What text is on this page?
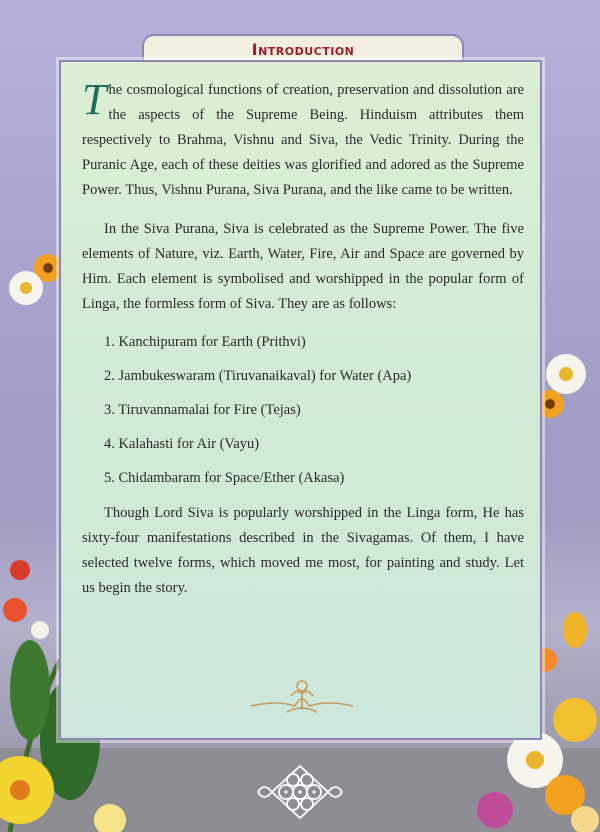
Introduction

The cosmological functions of creation, preservation and dissolution are the aspects of the Supreme Being. Hinduism attributes them respectively to Brahma, Vishnu and Siva, the Vedic Trinity. During the Puranic Age, each of these deities was glorified and adored as the Supreme Power. Thus, Vishnu Purana, Siva Purana, and the like came to be written.

In the Siva Purana, Siva is celebrated as the Supreme Power. The five elements of Nature, viz. Earth, Water, Fire, Air and Space are governed by Him. Each element is symbolised and worshipped in the popular form of Linga, the formless form of Siva. They are as follows:

1. Kanchipuram for Earth (Prithvi)
2. Jambukeswaram (Tiruvanaikaval) for Water (Apa)
3. Tiruvannamalai for Fire (Tejas)
4. Kalahasti for Air (Vayu)
5. Chidambaram for Space/Ether (Akasa)

Though Lord Siva is popularly worshipped in the Linga form, He has sixty-four manifestations described in the Sivagamas. Of them, I have selected twelve forms, which moved me most, for painting and study. Let us begin the story.
